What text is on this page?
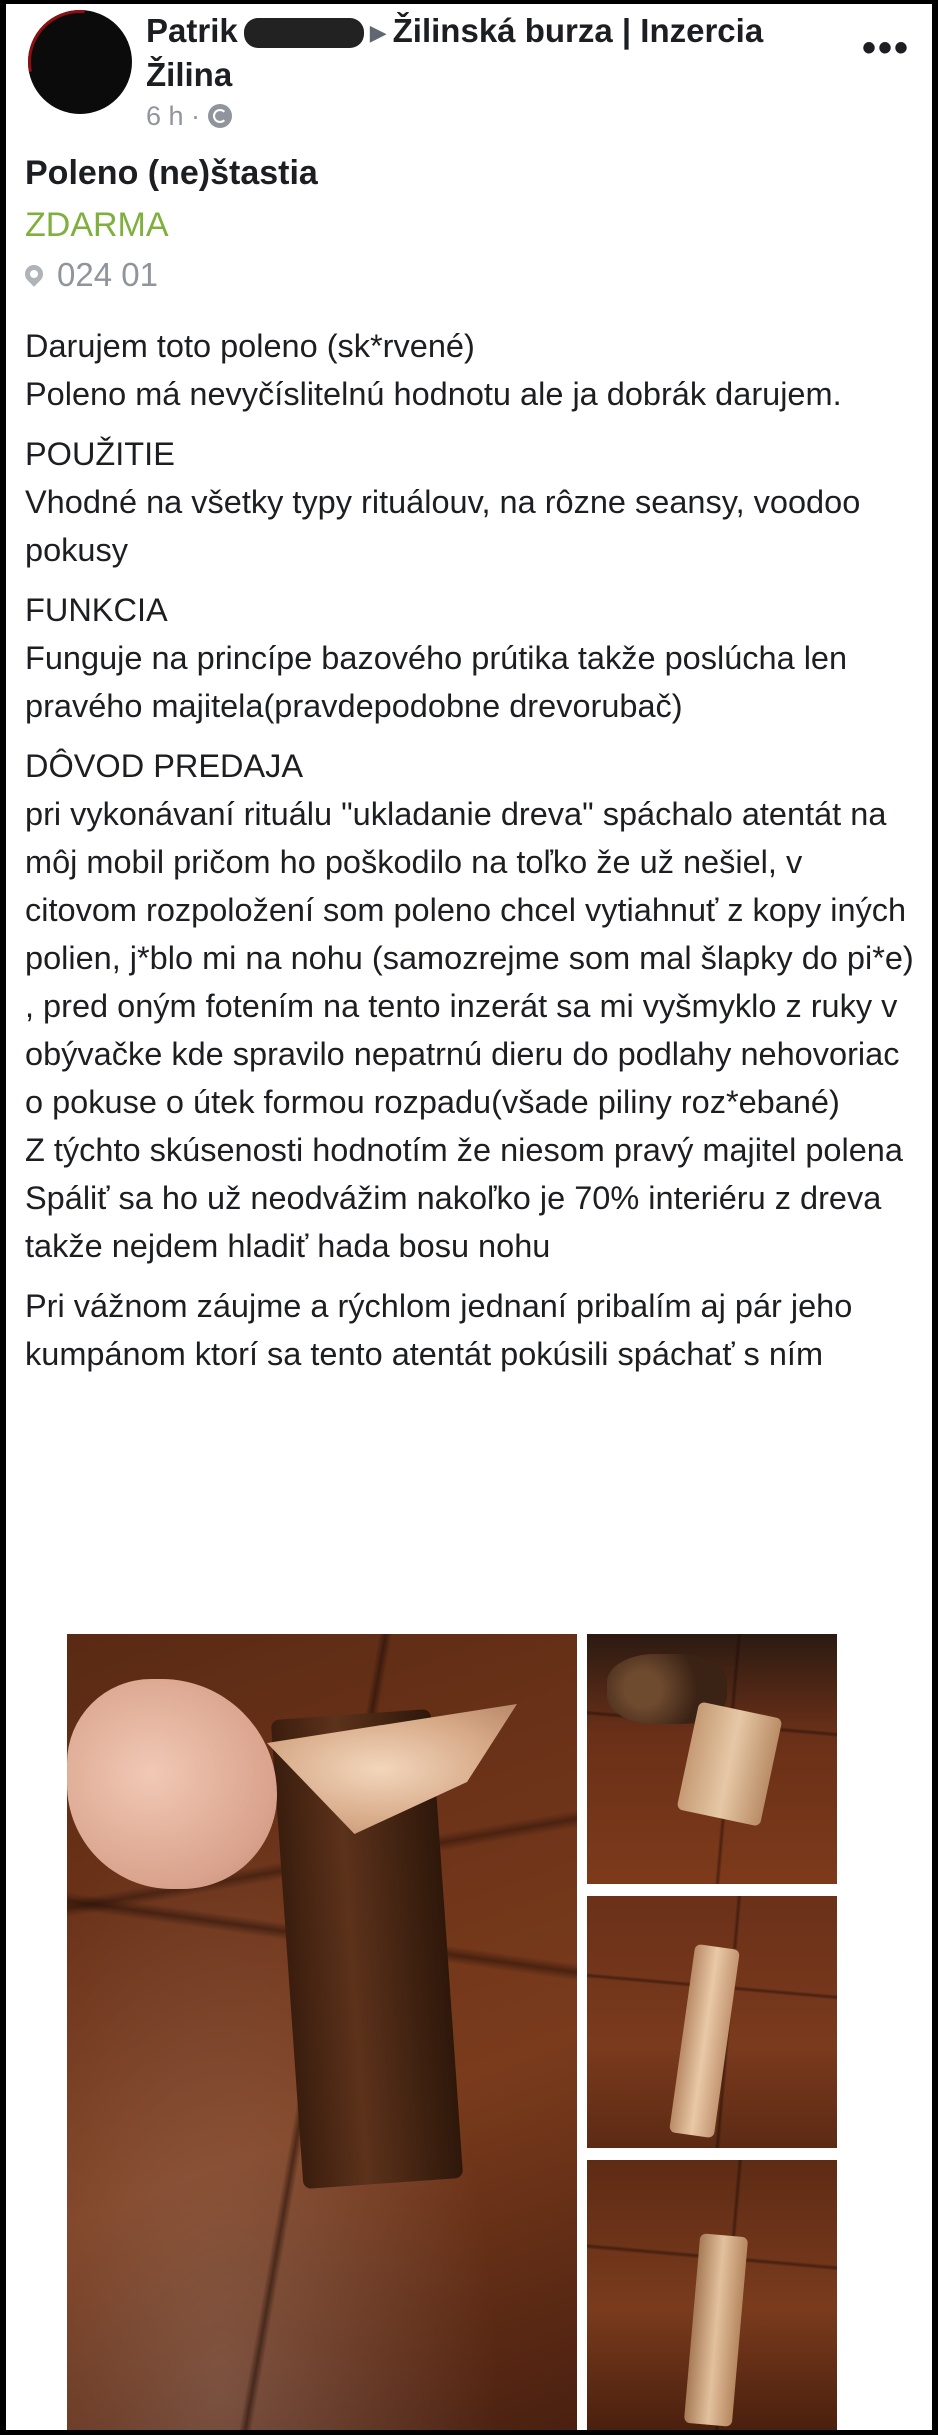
Patrik	▶ Žilinská burza | Inzercia
Žilina
6 h ·
•••
Poleno (ne)štastia
ZDARMA
024 01

Darujem toto poleno (sk*rvené)
Poleno má nevyčíslitelnú hodnotu ale ja dobrák darujem.

POUŽITIE

Vhodné na všetky typy rituálouv, na rôzne seansy, voodoo pokusy

FUNKCIA

Funguje na princípe bazového prútika takže poslúcha len pravého majitela(pravdepodobne drevorubač)

DÔVOD PREDAJA

pri vykonávaní rituálu "ukladanie dreva" spáchalo atentát na môj mobil pričom ho poškodilo na toľko že už nešiel, v citovom rozpoložení som poleno chcel vytiahnuť z kopy iných polien, j*blo mi na nohu (samozrejme som mal šlapky do pi*e) , pred oným fotením na tento inzerát sa mi vyšmyklo z ruky v obývačke kde spravilo nepatrnú dieru do podlahy nehovoriac o pokuse o útek formou rozpadu(všade piliny roz*ebané)
Z týchto skúsenosti hodnotím že niesom pravý majitel polena
Spáliť sa ho už neodvážim nakoľko je 70% interiéru z dreva takže nejdem hladiť hada bosu nohu

Pri vážnom záujme a rýchlom jednaní pribalím aj pár jeho kumpánom ktorí sa tento atentát pokúsili spáchať s ním
